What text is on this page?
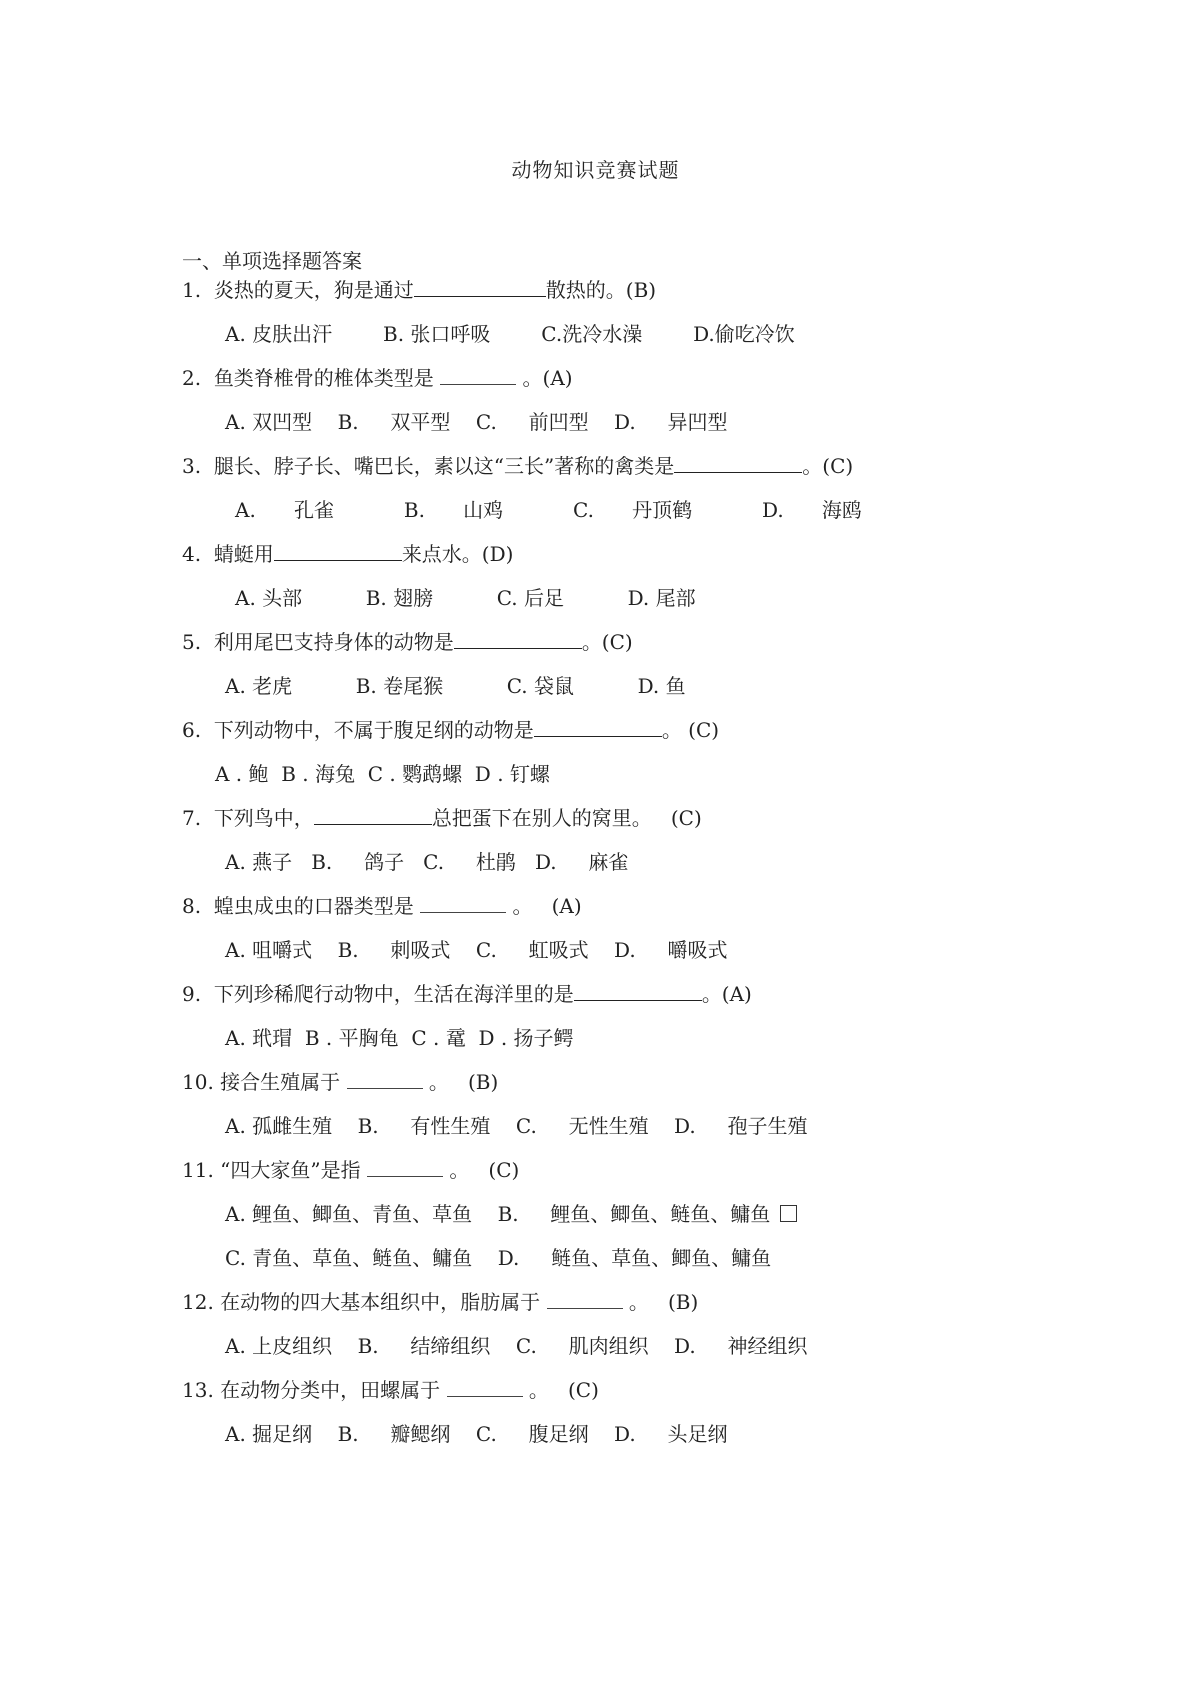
动物知识竞赛试题
一、单项选择题答案
1. 炎热的夏天，狗是通过	散热的。(B)
A. 皮肤出汗        B. 张口呼吸        C.洗冷水澡        D.偷吃冷饮
2. 鱼类脊椎骨的椎体类型是	。(A)
A. 双凹型    B.     双平型    C.     前凹型    D.     异凹型
3. 腿长、脖子长、嘴巴长，素以这“三长”著称的禽类是	。(C)
A.      孔雀           B.      山鸡           C.      丹顶鹤           D.      海鸥
4. 蜻蜓用	来点水。(D)
A. 头部          B. 翅膀          C. 后足          D. 尾部
5. 利用尾巴支持身体的动物是	。(C)
A. 老虎          B. 卷尾猴          C. 袋鼠          D. 鱼
6. 下列动物中，不属于腹足纲的动物是	。 (C)
A . 鲍  B . 海兔  C . 鹦鹉螺  D . 钉螺
7. 下列鸟中，	总把蛋下在别人的窝里。   (C)
A. 燕子   B.     鸽子   C.     杜鹃   D.     麻雀
8. 蝗虫成虫的口器类型是	。   (A)
A. 咀嚼式    B.     刺吸式    C.     虹吸式    D.     嚼吸式
9. 下列珍稀爬行动物中，生活在海洋里的是	。(A)
A. 玳瑁  B . 平胸龟  C . 鼋  D . 扬子鳄
10. 接合生殖属于	。   (B)
A. 孤雌生殖    B.     有性生殖    C.     无性生殖    D.     孢子生殖
11. “四大家鱼”是指	。   (C)
A. 鲤鱼、鲫鱼、青鱼、草鱼    B.     鲤鱼、鲫鱼、鲢鱼、鳙鱼
C. 青鱼、草鱼、鲢鱼、鳙鱼    D.     鲢鱼、草鱼、鲫鱼、鳙鱼
12. 在动物的四大基本组织中，脂肪属于	。   (B)
A. 上皮组织    B.     结缔组织    C.     肌肉组织    D.     神经组织
13. 在动物分类中，田螺属于	。   (C)
A. 掘足纲    B.     瓣鳃纲    C.     腹足纲    D.     头足纲
